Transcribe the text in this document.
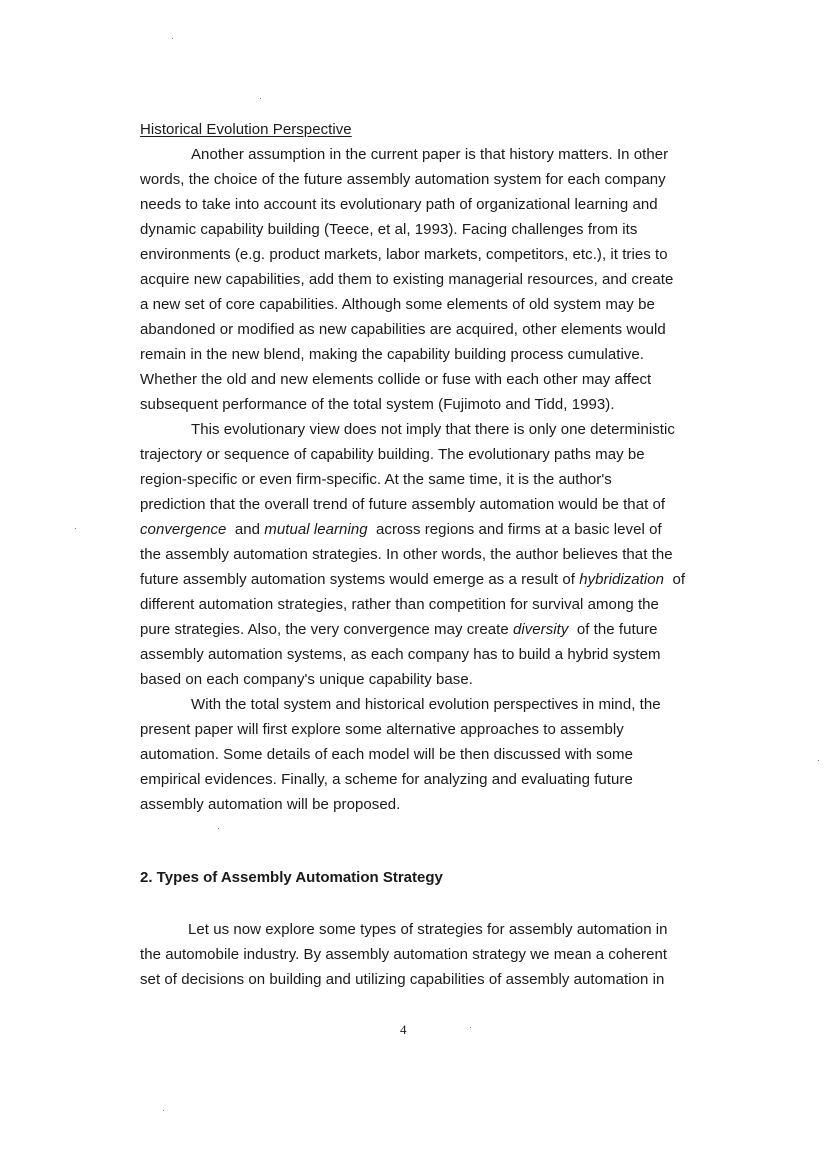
Historical Evolution Perspective
Another assumption in the current paper is that history matters. In other
words, the choice of the future assembly automation system for each company
needs to take into account its evolutionary path of organizational learning and
dynamic capability building (Teece, et al, 1993). Facing challenges from its
environments (e.g. product markets, labor markets, competitors, etc.), it tries to
acquire new capabilities, add them to existing managerial resources, and create
a new set of core capabilities. Although some elements of old system may be
abandoned or modified as new capabilities are acquired, other elements would
remain in the new blend, making the capability building process cumulative.
Whether the old and new elements collide or fuse with each other may affect
subsequent performance of the total system (Fujimoto and Tidd, 1993).
This evolutionary view does not imply that there is only one deterministic
trajectory or sequence of capability building. The evolutionary paths may be
region-specific or even firm-specific. At the same time, it is the author's
prediction that the overall trend of future assembly automation would be that of
convergence  and mutual learning  across regions and firms at a basic level of
the assembly automation strategies. In other words, the author believes that the
future assembly automation systems would emerge as a result of hybridization  of
different automation strategies, rather than competition for survival among the
pure strategies. Also, the very convergence may create diversity  of the future
assembly automation systems, as each company has to build a hybrid system
based on each company's unique capability base.
With the total system and historical evolution perspectives in mind, the
present paper will first explore some alternative approaches to assembly
automation. Some details of each model will be then discussed with some
empirical evidences. Finally, a scheme for analyzing and evaluating future
assembly automation will be proposed.
2. Types of Assembly Automation Strategy
Let us now explore some types of strategies for assembly automation in
the automobile industry. By assembly automation strategy we mean a coherent
set of decisions on building and utilizing capabilities of assembly automation in
4
